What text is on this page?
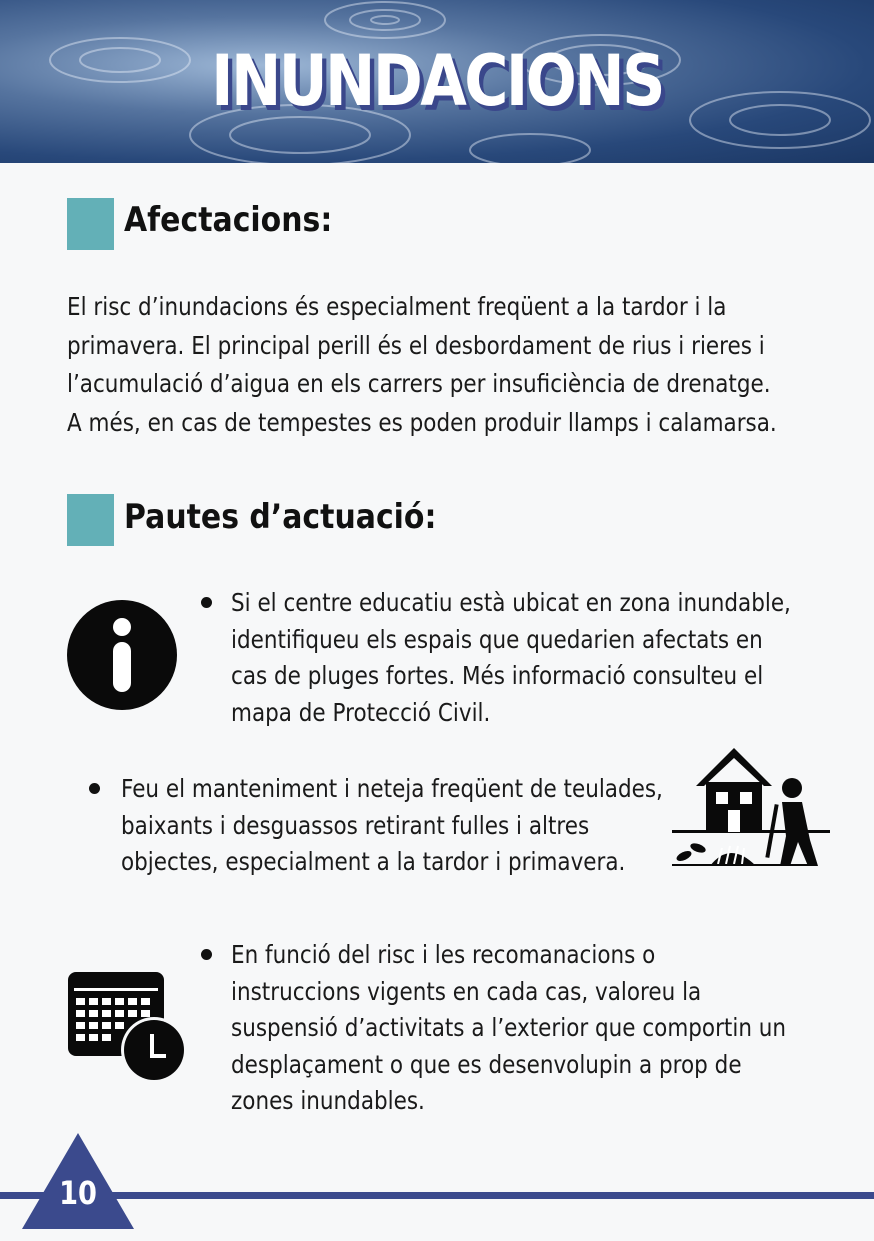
INUNDACIONS
Afectacions:
El risc d’inundacions és especialment freqüent a la tardor i la
primavera. El principal perill és el desbordament de rius i rieres i
l’acumulació d’aigua en els carrers per insuficiència de drenatge.
A més, en cas de tempestes es poden produir llamps i calamarsa.
Pautes d’actuació:
Si el centre educatiu està ubicat en zona inundable,
identifiqueu els espais que quedarien afectats en
cas de pluges fortes. Més informació consulteu el
mapa de Protecció Civil.
Feu el manteniment i neteja freqüent de teulades,
baixants i desguassos retirant fulles i altres
objectes, especialment a la tardor i primavera.
En funció del risc i les recomanacions o
instruccions vigents en cada cas, valoreu la
suspensió d’activitats a l’exterior que comportin un
desplaçament o que es desenvolupin a prop de
zones inundables.
10
